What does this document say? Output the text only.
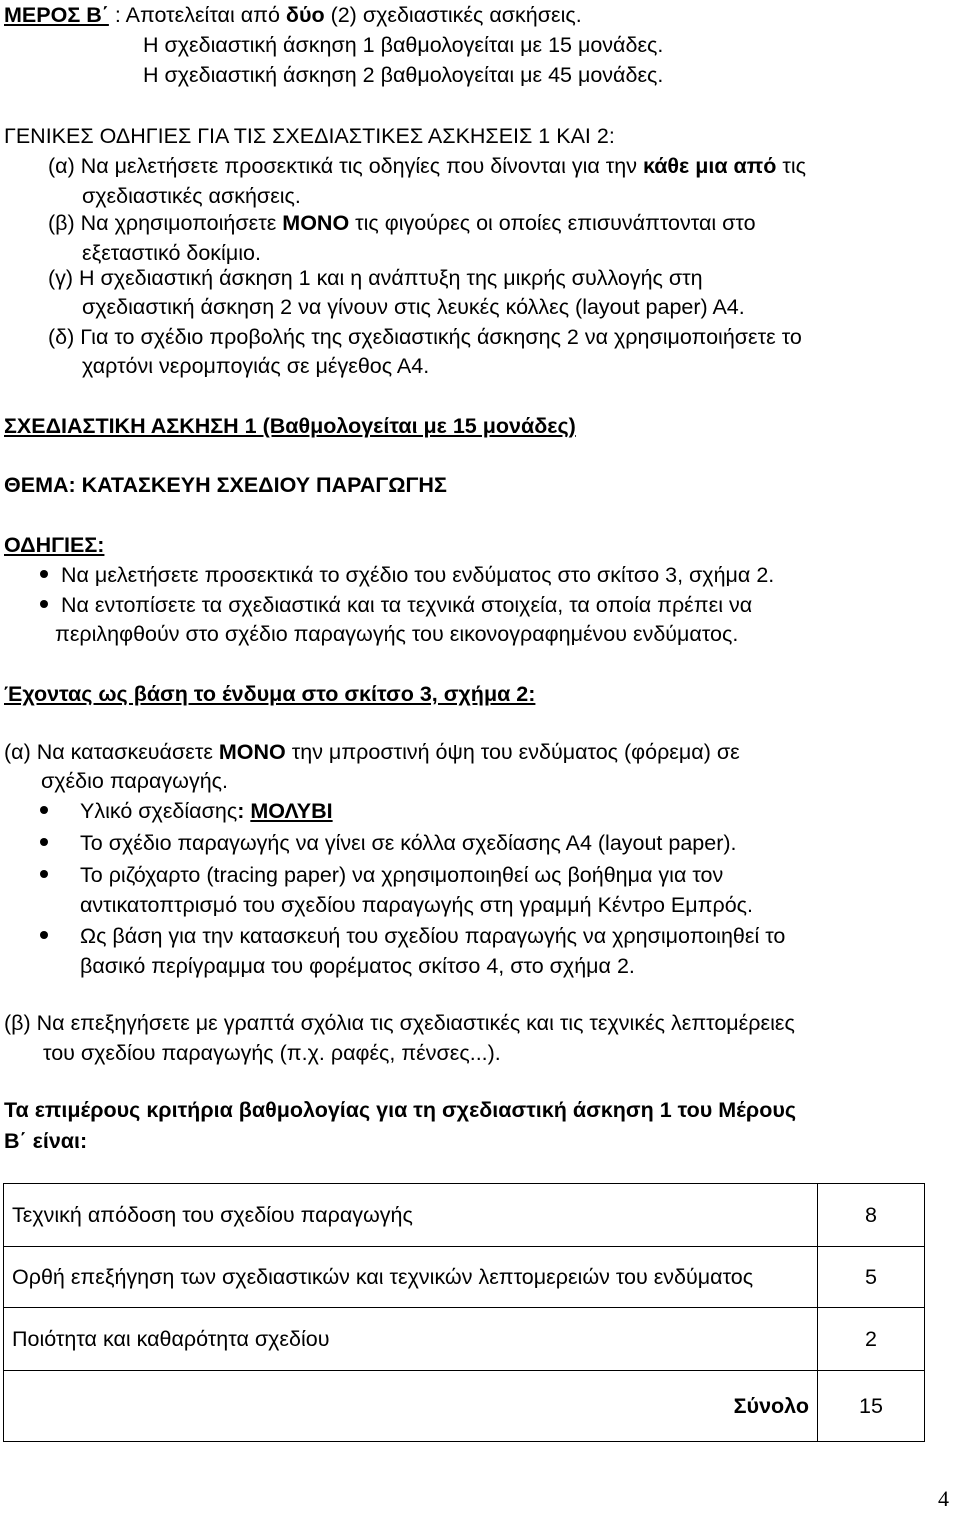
ΜΕΡΟΣ Β΄ : Αποτελείται από δύο (2) σχεδιαστικές ασκήσεις.
Η σχεδιαστική άσκηση 1 βαθμολογείται με 15 μονάδες.
Η σχεδιαστική άσκηση 2 βαθμολογείται με 45 μονάδες.
ΓΕΝΙΚΕΣ ΟΔΗΓΙΕΣ ΓΙΑ ΤΙΣ ΣΧΕΔΙΑΣΤΙΚΕΣ ΑΣΚΗΣΕΙΣ 1 ΚΑΙ 2:
(α) Να μελετήσετε προσεκτικά τις οδηγίες που δίνονται για την κάθε μια από τις
σχεδιαστικές ασκήσεις.
(β) Να χρησιμοποιήσετε ΜΟΝΟ τις φιγούρες οι οποίες επισυνάπτονται στο
εξεταστικό δοκίμιο.
(γ) Η σχεδιαστική άσκηση 1 και η ανάπτυξη της μικρής συλλογής στη
σχεδιαστική άσκηση 2 να γίνουν στις λευκές κόλλες (layout paper) Α4.
(δ) Για το σχέδιο προβολής της σχεδιαστικής άσκησης 2 να χρησιμοποιήσετε το
χαρτόνι νερομπογιάς σε μέγεθος Α4.
ΣΧΕΔΙΑΣΤΙΚΗ ΑΣΚΗΣΗ 1 (Βαθμολογείται με 15 μονάδες)
ΘΕΜΑ: ΚΑΤΑΣΚΕΥΗ ΣΧΕΔΙΟΥ ΠΑΡΑΓΩΓΗΣ
ΟΔΗΓΙΕΣ:
Να μελετήσετε προσεκτικά το σχέδιο του ενδύματος στο σκίτσο 3, σχήμα 2.
Να εντοπίσετε τα σχεδιαστικά και τα τεχνικά στοιχεία, τα οποία πρέπει να
περιληφθούν στο σχέδιο παραγωγής του εικονογραφημένου ενδύματος.
Έχοντας ως βάση το ένδυμα στο σκίτσο 3, σχήμα 2:
(α) Να κατασκευάσετε ΜΟΝΟ την μπροστινή όψη του ενδύματος (φόρεμα) σε
σχέδιο παραγωγής.
Υλικό σχεδίασης: ΜΟΛΥΒΙ
Το σχέδιο παραγωγής να γίνει σε κόλλα σχεδίασης Α4 (layout paper).
Το ριζόχαρτο (tracing paper) να χρησιμοποιηθεί ως βοήθημα για τον
αντικατοπτρισμό του σχεδίου παραγωγής στη γραμμή Κέντρο Εμπρός.
Ως βάση για την κατασκευή του σχεδίου παραγωγής να χρησιμοποιηθεί το
βασικό περίγραμμα του φορέματος σκίτσο 4, στο σχήμα 2.
(β) Να επεξηγήσετε με γραπτά σχόλια τις σχεδιαστικές και τις τεχνικές λεπτομέρειες
του σχεδίου παραγωγής (π.χ. ραφές, πένσες...).
Τα επιμέρους κριτήρια βαθμολογίας για τη σχεδιαστική άσκηση 1 του Μέρους
Β΄ είναι:
Τεχνική απόδοση του σχεδίου παραγωγής	8
Ορθή επεξήγηση των σχεδιαστικών και τεχνικών λεπτομερειών του ενδύματος	5
Ποιότητα και καθαρότητα σχεδίου	2
Σύνολο	15
4
